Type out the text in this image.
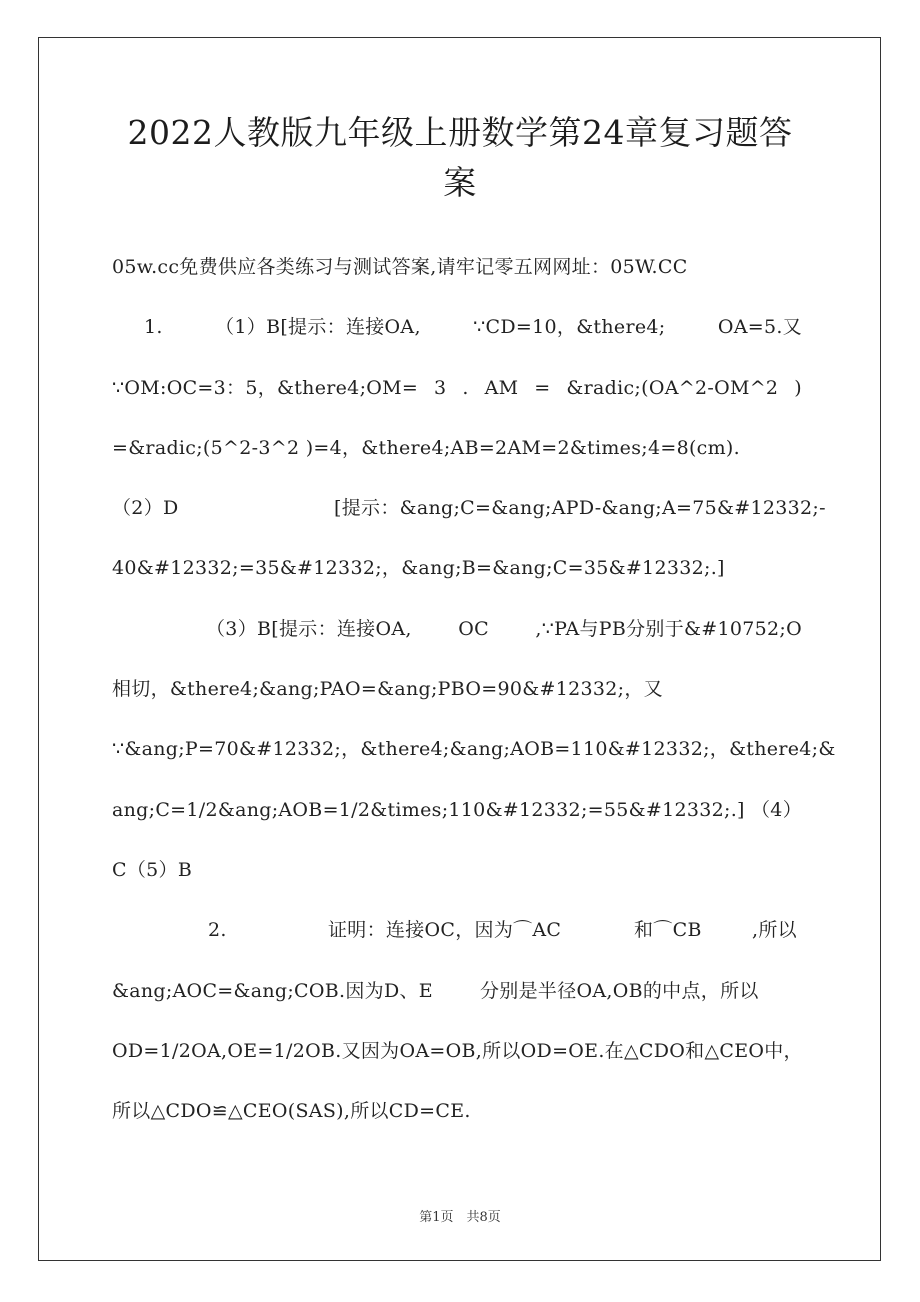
2022人教版九年级上册数学第24章复习题答
案
05w.cc免费供应各类练习与测试答案,请牢记零五网网址：05W.CC
1.	（1）B[提示：连接OA,	∵CD=10，&there4;	OA=5.又
∵OM:OC=3：5，&there4;OM= 3 . AM = &radic;(OA^2-OM^2 )
=&radic;(5^2-3^2 )=4，&there4;AB=2AM=2&times;4=8(cm).
（2）D	[提示：&ang;C=&ang;APD-&ang;A=75&#12332;-
40&#12332;=35&#12332;，&ang;B=&ang;C=35&#12332;.]
（3）B[提示：连接OA, OC ,∵PA与PB分别于&#10752;O
相切，&there4;&ang;PAO=&ang;PBO=90&#12332;，又
∵&ang;P=70&#12332;，&there4;&ang;AOB=110&#12332;，&there4;&
ang;C=1/2&ang;AOB=1/2&times;110&#12332;=55&#12332;.] （4）
C（5）B
2.	证明：连接OC，因为⌒AC	和⌒CB	,所以
&ang;AOC=&ang;COB.因为D、E 分别是半径OA,OB的中点，所以
OD=1/2OA,OE=1/2OB.又因为OA=OB,所以OD=OE.在△CDO和△CEO中，
所以△CDO≌△CEO(SAS),所以CD=CE.
第1页　共8页
